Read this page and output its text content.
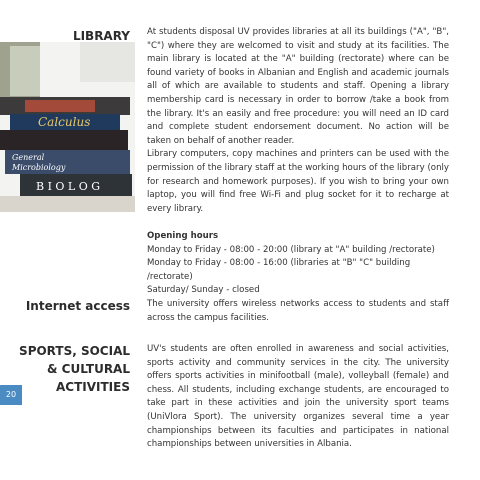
Calculus
General
Microbiology
B I O L O G
LIBRARY At students disposal UV provides libraries at all its buildings ("A", "B", "C") where they are welcomed to visit and study at its facilities. The main library is located at the "A" building (rectorate) where can be found variety of books in Albanian and English and academic journals all of which are available to students and staff. Opening a library membership card is necessary in order to borrow /take a book from the library. It's an easily and free procedure: you will need an ID card and complete student endorsement document. No action will be taken on behalf of another reader.

Library computers, copy machines and printers can be used with the permission of the library staff at the working hours of the library (only for research and homework purposes). If you wish to bring your own laptop, you will find free Wi-Fi and plug socket for it to recharge at every library.

Opening hours

Monday to Friday - 08:00 - 20:00 (library at "A" building /rectorate)

Monday to Friday - 08:00 - 16:00 (libraries at "B" "C" building /rectorate)

Saturday/ Sunday - closed

Internet access The university offers wireless networks access to students and staff across the campus facilities.
SPORTS, SOCIAL
& CULTURAL
ACTIVITIES
UV's students are often enrolled in awareness and social activities, sports activity and community services in the city. The university offers sports activities in minifootball (male), volleyball (female) and chess. All students, including exchange students, are encouraged to take part in these activities and join the university sport teams (UniVlora Sport). The university organizes several time a year championships between its faculties and participates in national championships between universities in Albania.
20
